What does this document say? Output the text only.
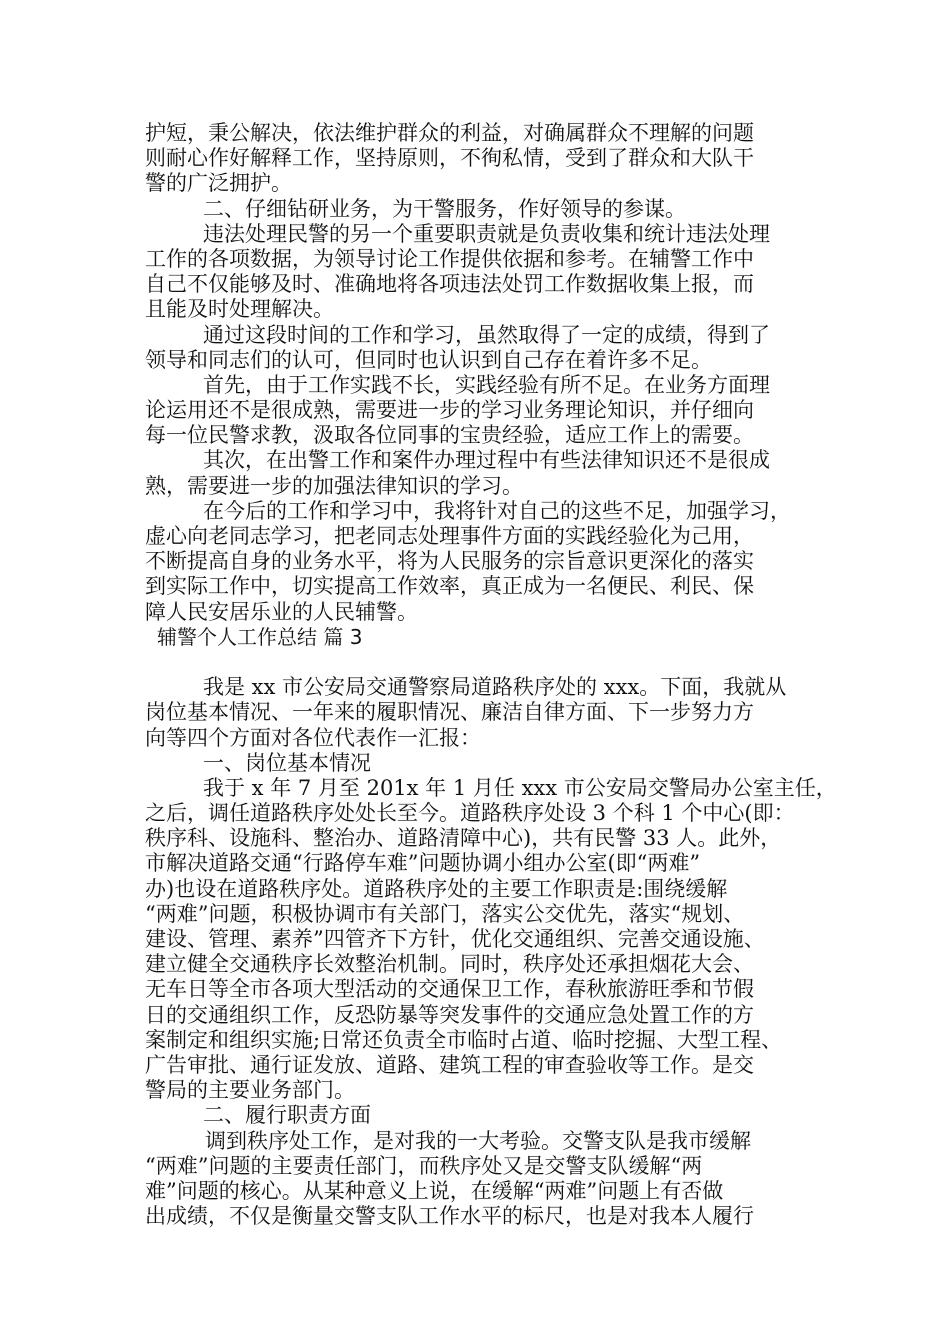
护短，秉公解决，依法维护群众的利益，对确属群众不理解的问题
则耐心作好解释工作，坚持原则，不徇私情，受到了群众和大队干
警的广泛拥护。
二、仔细钻研业务，为干警服务，作好领导的参谋。
违法处理民警的另一个重要职责就是负责收集和统计违法处理
工作的各项数据，为领导讨论工作提供依据和参考。在辅警工作中
自己不仅能够及时、准确地将各项违法处罚工作数据收集上报，而
且能及时处理解决。
通过这段时间的工作和学习，虽然取得了一定的成绩，得到了
领导和同志们的认可，但同时也认识到自己存在着许多不足。
首先，由于工作实践不长，实践经验有所不足。在业务方面理
论运用还不是很成熟，需要进一步的学习业务理论知识，并仔细向
每一位民警求教，汲取各位同事的宝贵经验，适应工作上的需要。
其次，在出警工作和案件办理过程中有些法律知识还不是很成
熟，需要进一步的加强法律知识的学习。
在今后的工作和学习中，我将针对自己的这些不足，加强学习，
虚心向老同志学习，把老同志处理事件方面的实践经验化为己用，
不断提高自身的业务水平，将为人民服务的宗旨意识更深化的落实
到实际工作中，切实提高工作效率，真正成为一名便民、利民、保
障人民安居乐业的人民辅警。
辅警个人工作总结 篇 3
我是 xx 市公安局交通警察局道路秩序处的 xxx。下面，我就从
岗位基本情况、一年来的履职情况、廉洁自律方面、下一步努力方
向等四个方面对各位代表作一汇报：
一、岗位基本情况
我于 x 年 7 月至 201x 年 1 月任 xxx 市公安局交警局办公室主任，
之后，调任道路秩序处处长至今。道路秩序处设 3 个科 1 个中心(即：
秩序科、设施科、整治办、道路清障中心)，共有民警 33 人。此外，
市解决道路交通“行路停车难”问题协调小组办公室(即“两难”
办)也设在道路秩序处。道路秩序处的主要工作职责是:围绕缓解
“两难”问题，积极协调市有关部门，落实公交优先，落实“规划、
建设、管理、素养”四管齐下方针，优化交通组织、完善交通设施、
建立健全交通秩序长效整治机制。同时，秩序处还承担烟花大会、
无车日等全市各项大型活动的交通保卫工作，春秋旅游旺季和节假
日的交通组织工作，反恐防暴等突发事件的交通应急处置工作的方
案制定和组织实施;日常还负责全市临时占道、临时挖掘、大型工程、
广告审批、通行证发放、道路、建筑工程的审查验收等工作。是交
警局的主要业务部门。
二、履行职责方面
调到秩序处工作，是对我的一大考验。交警支队是我市缓解
“两难”问题的主要责任部门，而秩序处又是交警支队缓解“两
难”问题的核心。从某种意义上说，在缓解“两难”问题上有否做
出成绩，不仅是衡量交警支队工作水平的标尺，也是对我本人履行
